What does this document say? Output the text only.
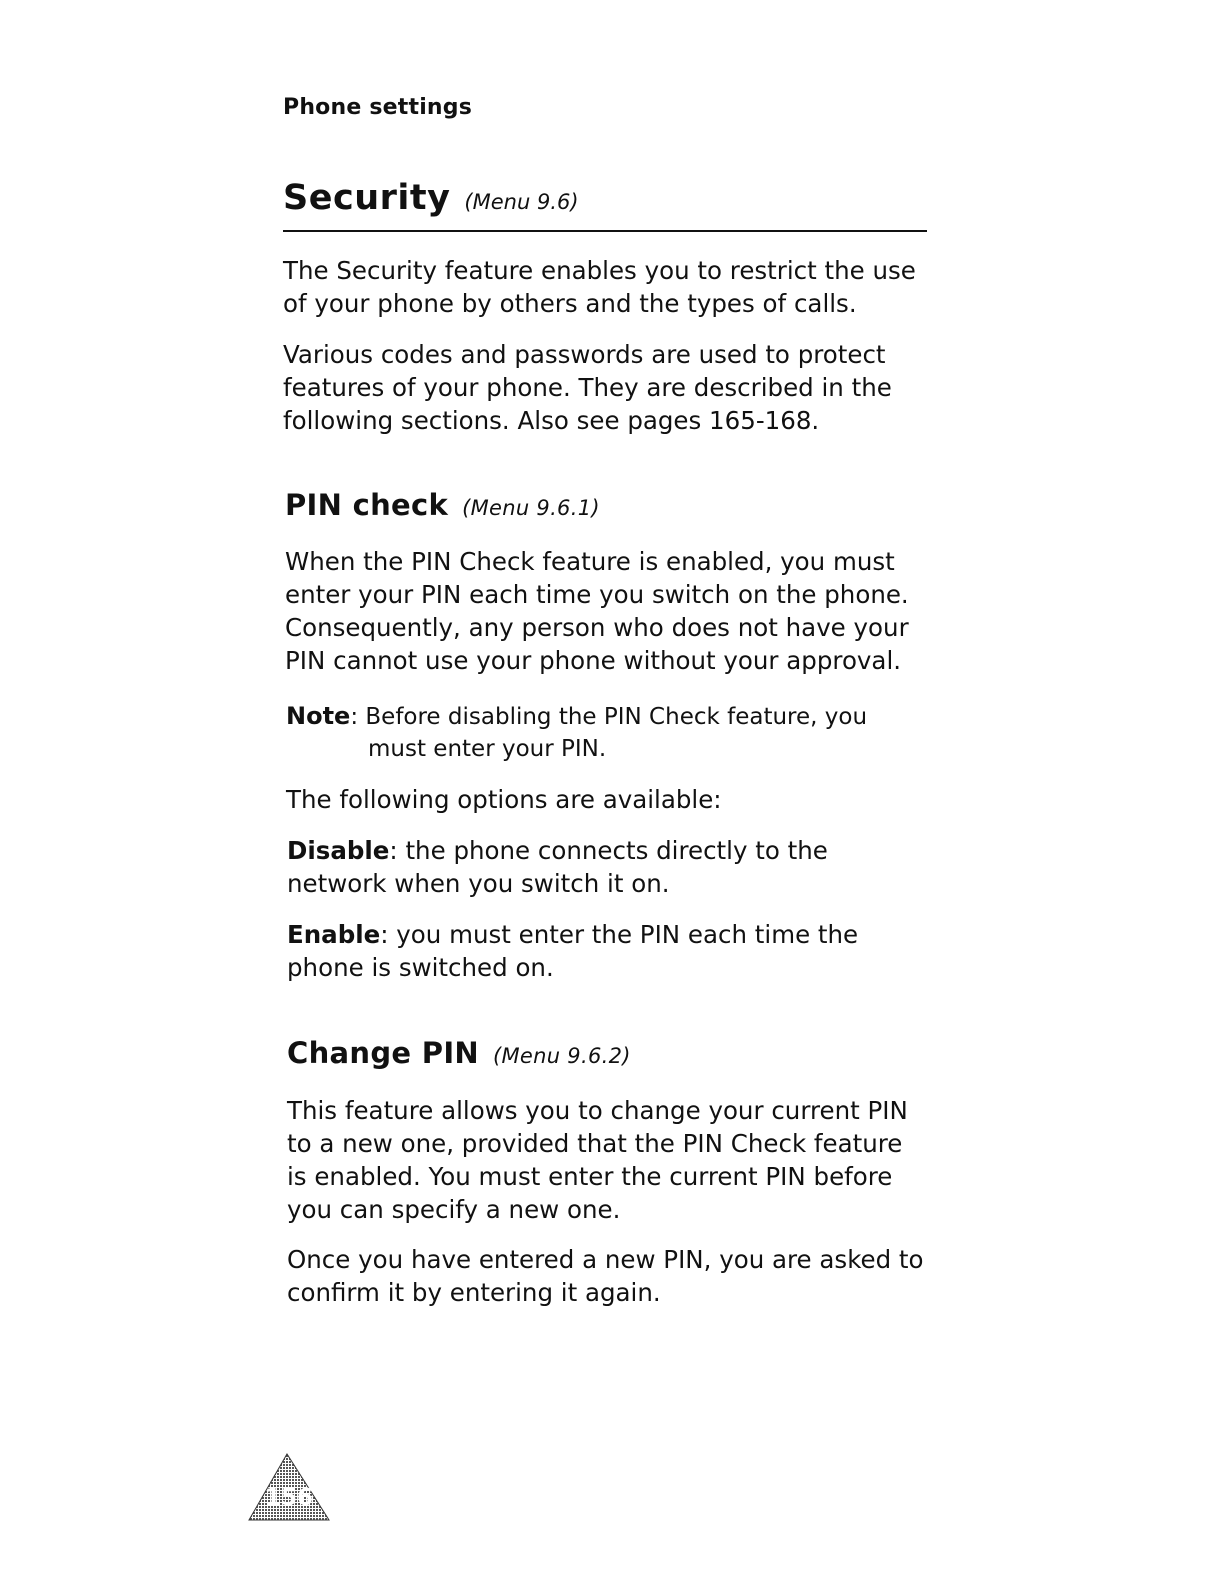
Phone settings
Security (Menu 9.6)

The Security feature enables you to restrict the use
of your phone by others and the types of calls.

Various codes and passwords are used to protect
features of your phone. They are described in the
following sections. Also see pages 165-168.

PIN check (Menu 9.6.1)

When the PIN Check feature is enabled, you must
enter your PIN each time you switch on the phone.
Consequently, any person who does not have your
PIN cannot use your phone without your approval.

Note: Before disabling the PIN Check feature, you
must enter your PIN.

The following options are available:

Disable: the phone connects directly to the
network when you switch it on.
Enable: you must enter the PIN each time the
phone is switched on.
Change PIN (Menu 9.6.2)

This feature allows you to change your current PIN
to a new one, provided that the PIN Check feature
is enabled. You must enter the current PIN before
you can specify a new one.

Once you have entered a new PIN, you are asked to
confirm it by entering it again.

156
